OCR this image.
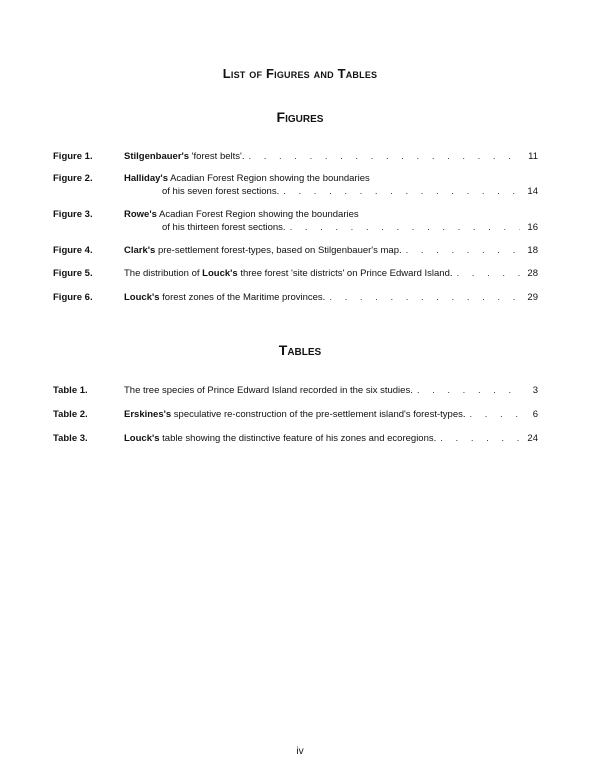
List of Figures and Tables
Figures
Figure 1.	Stilgenbauer's 'forest belts'. . . .	11
Figure 2.	Halliday's Acadian Forest Region showing the boundaries
of his seven forest sections. . . .	14
Figure 3.	Rowe's Acadian Forest Region showing the boundaries
of his thirteen forest sections. . . .	16
Figure 4.	Clark's pre-settlement forest-types, based on Stilgenbauer's map. . . .	18
Figure 5.	The distribution of Louck's three forest 'site districts' on Prince Edward Island. . . .	28
Figure 6.	Louck's forest zones of the Maritime provinces. . . .	29
Tables
Table 1.	The tree species of Prince Edward Island recorded in the six studies. . . .	3
Table 2.	Erskines's speculative re-construction of the pre-settlement island's forest-types. . . .	6
Table 3.	Louck's table showing the distinctive feature of his zones and ecoregions. . . .	24
iv
